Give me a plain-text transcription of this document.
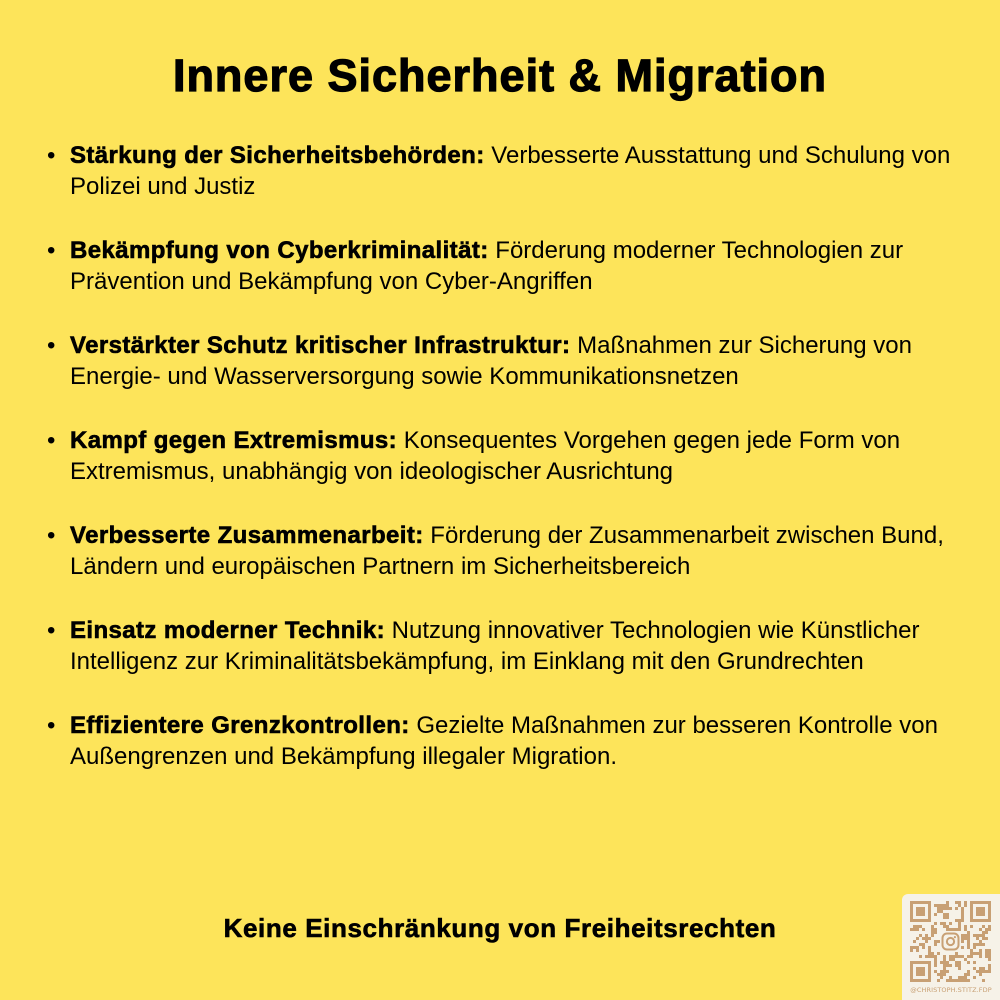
Innere Sicherheit & Migration
• Stärkung der Sicherheitsbehörden: Verbesserte Ausstattung und Schulung von Polizei und Justiz
• Bekämpfung von Cyberkriminalität: Förderung moderner Technologien zur Prävention und Bekämpfung von Cyber-Angriffen
• Verstärkter Schutz kritischer Infrastruktur: Maßnahmen zur Sicherung von Energie- und Wasserversorgung sowie Kommunikationsnetzen
• Kampf gegen Extremismus: Konsequentes Vorgehen gegen jede Form von Extremismus, unabhängig von ideologischer Ausrichtung
• Verbesserte Zusammenarbeit: Förderung der Zusammenarbeit zwischen Bund, Ländern und europäischen Partnern im Sicherheitsbereich
• Einsatz moderner Technik: Nutzung innovativer Technologien wie Künstlicher Intelligenz zur Kriminalitätsbekämpfung, im Einklang mit den Grundrechten
• Effizientere Grenzkontrollen: Gezielte Maßnahmen zur besseren Kontrolle von Außengrenzen und Bekämpfung illegaler Migration.
Keine Einschränkung von Freiheitsrechten
@CHRISTOPH.STITZ.FDP
